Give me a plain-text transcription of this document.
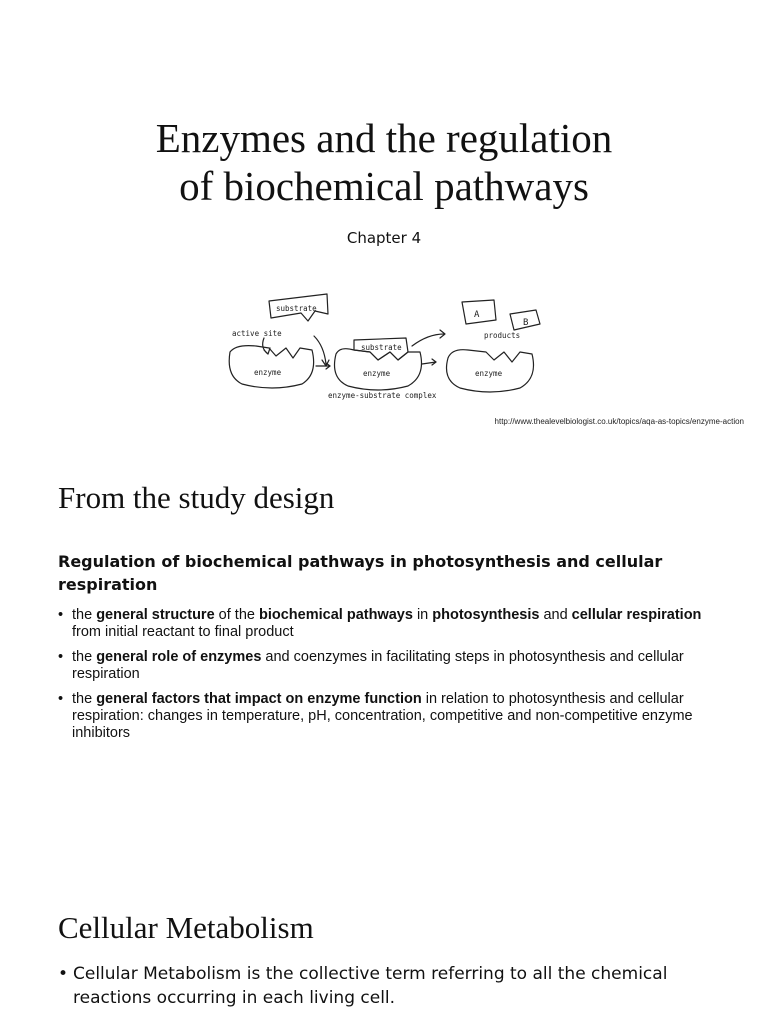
Enzymes and the regulation
of biochemical pathways
Chapter 4
substrate
active site
enzyme
substrate
enzyme
enzyme-substrate complex
enzyme
products
A
B
http://www.thealevelbiologist.co.uk/topics/aqa-as-topics/enzyme-action
From the study design
Regulation of biochemical pathways in photosynthesis and cellular respiration
• the general structure of the biochemical pathways in photosynthesis and cellular respiration from initial reactant to final product
• the general role of enzymes and coenzymes in facilitating steps in photosynthesis and cellular respiration
• the general factors that impact on enzyme function in relation to photosynthesis and cellular respiration: changes in temperature, pH, concentration, competitive and non-competitive enzyme inhibitors
Cellular Metabolism
• Cellular Metabolism is the collective term referring to all the chemical reactions occurring in each living cell.
